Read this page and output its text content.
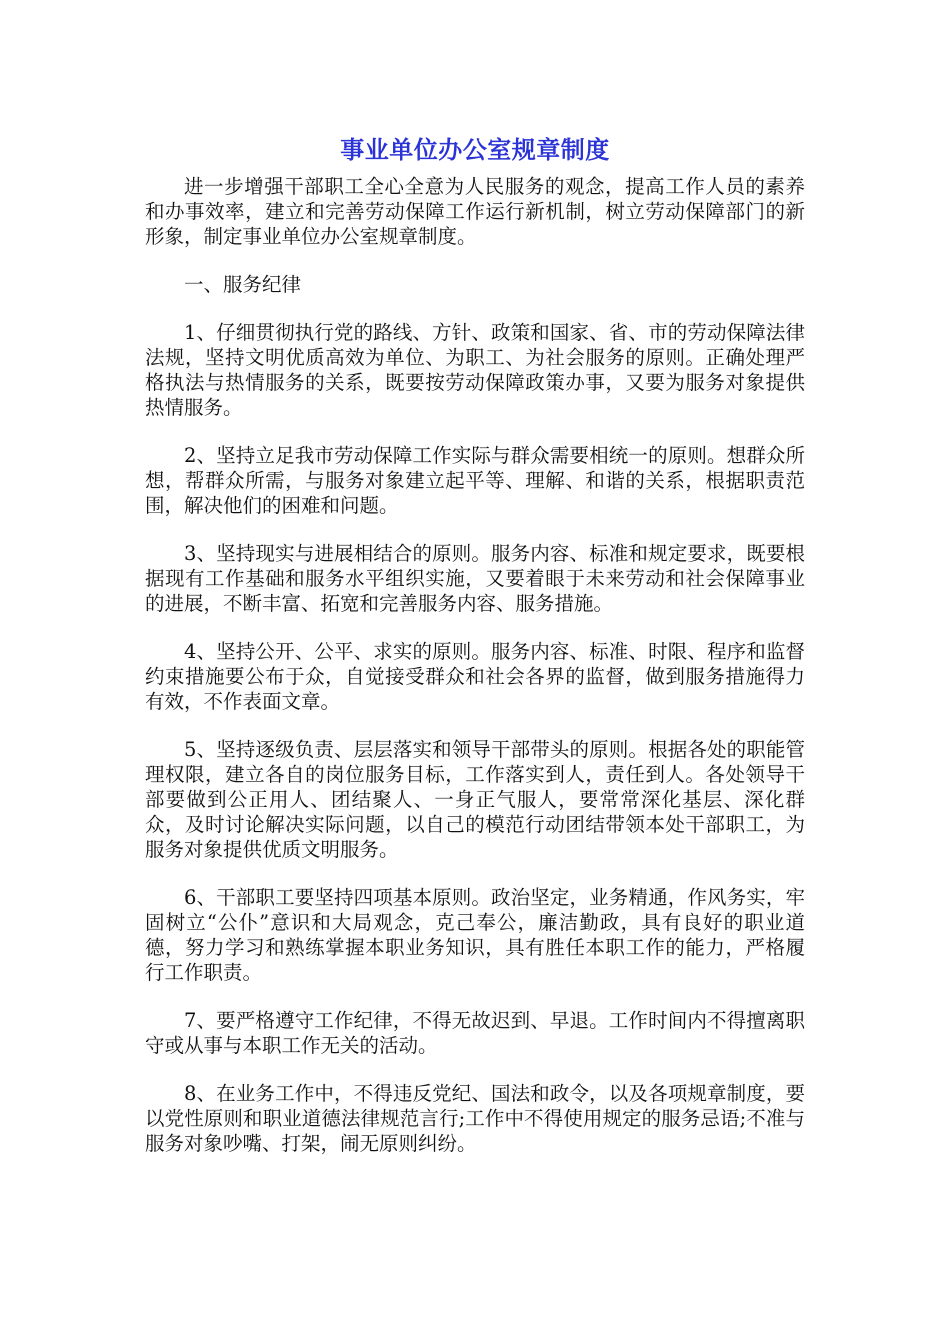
事业单位办公室规章制度

进一步增强干部职工全心全意为人民服务的观念，提高工作人员的素养和办事效率，建立和完善劳动保障工作运行新机制，树立劳动保障部门的新形象，制定事业单位办公室规章制度。

一、服务纪律

1、仔细贯彻执行党的路线、方针、政策和国家、省、市的劳动保障法律法规，坚持文明优质高效为单位、为职工、为社会服务的原则。正确处理严格执法与热情服务的关系，既要按劳动保障政策办事，又要为服务对象提供热情服务。

2、坚持立足我市劳动保障工作实际与群众需要相统一的原则。想群众所想，帮群众所需，与服务对象建立起平等、理解、和谐的关系，根据职责范围，解决他们的困难和问题。

3、坚持现实与进展相结合的原则。服务内容、标准和规定要求，既要根据现有工作基础和服务水平组织实施，又要着眼于未来劳动和社会保障事业的进展，不断丰富、拓宽和完善服务内容、服务措施。

4、坚持公开、公平、求实的原则。服务内容、标准、时限、程序和监督约束措施要公布于众，自觉接受群众和社会各界的监督，做到服务措施得力有效，不作表面文章。

5、坚持逐级负责、层层落实和领导干部带头的原则。根据各处的职能管理权限，建立各自的岗位服务目标，工作落实到人，责任到人。各处领导干部要做到公正用人、团结聚人、一身正气服人，要常常深化基层、深化群众，及时讨论解决实际问题，以自己的模范行动团结带领本处干部职工，为服务对象提供优质文明服务。

6、干部职工要坚持四项基本原则。政治坚定，业务精通，作风务实，牢固树立“公仆”意识和大局观念，克己奉公，廉洁勤政，具有良好的职业道德，努力学习和熟练掌握本职业务知识，具有胜任本职工作的能力，严格履行工作职责。

7、要严格遵守工作纪律，不得无故迟到、早退。工作时间内不得擅离职守或从事与本职工作无关的活动。

8、在业务工作中，不得违反党纪、国法和政令，以及各项规章制度，要以党性原则和职业道德法律规范言行;工作中不得使用规定的服务忌语;不准与服务对象吵嘴、打架，闹无原则纠纷。
